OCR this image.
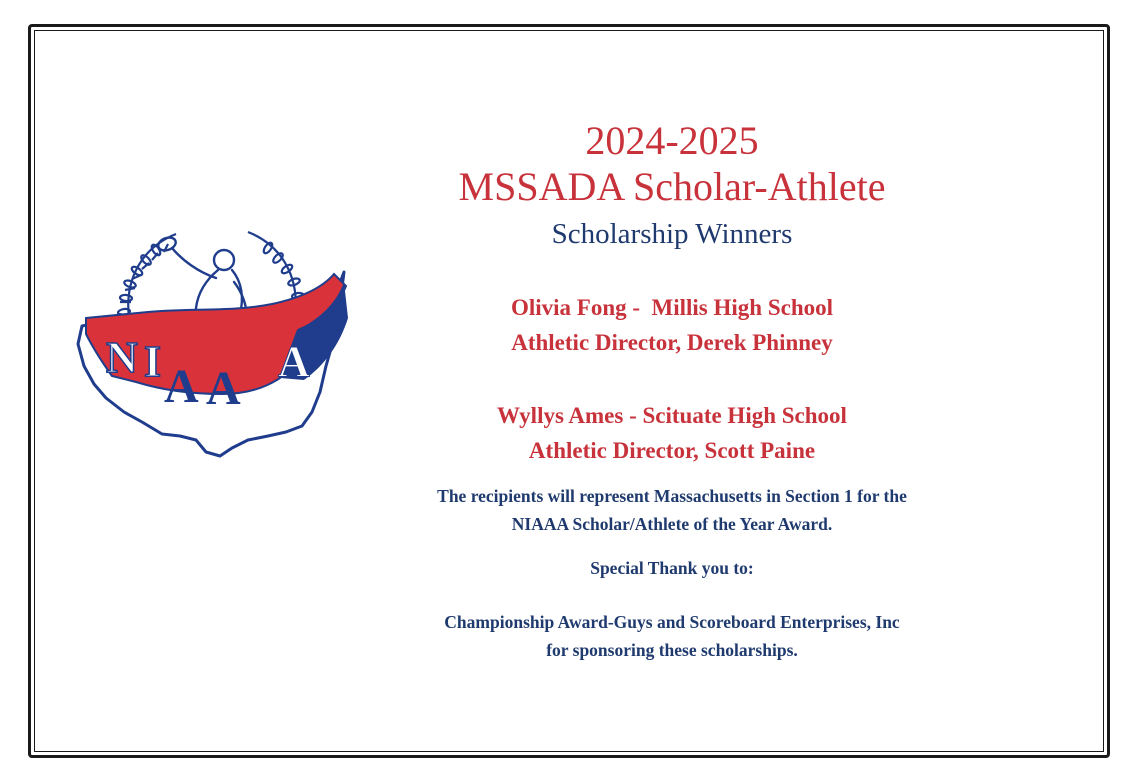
N I A A
A
2024-2025
MSSADA Scholar-Athlete
Scholarship Winners
Olivia Fong -  Millis High School
Athletic Director, Derek Phinney
Wyllys Ames - Scituate High School
Athletic Director, Scott Paine
The recipients will represent Massachusetts in Section 1 for the
NIAAA Scholar/Athlete of the Year Award.
Special Thank you to:
Championship Award-Guys and Scoreboard Enterprises, Inc
for sponsoring these scholarships.
